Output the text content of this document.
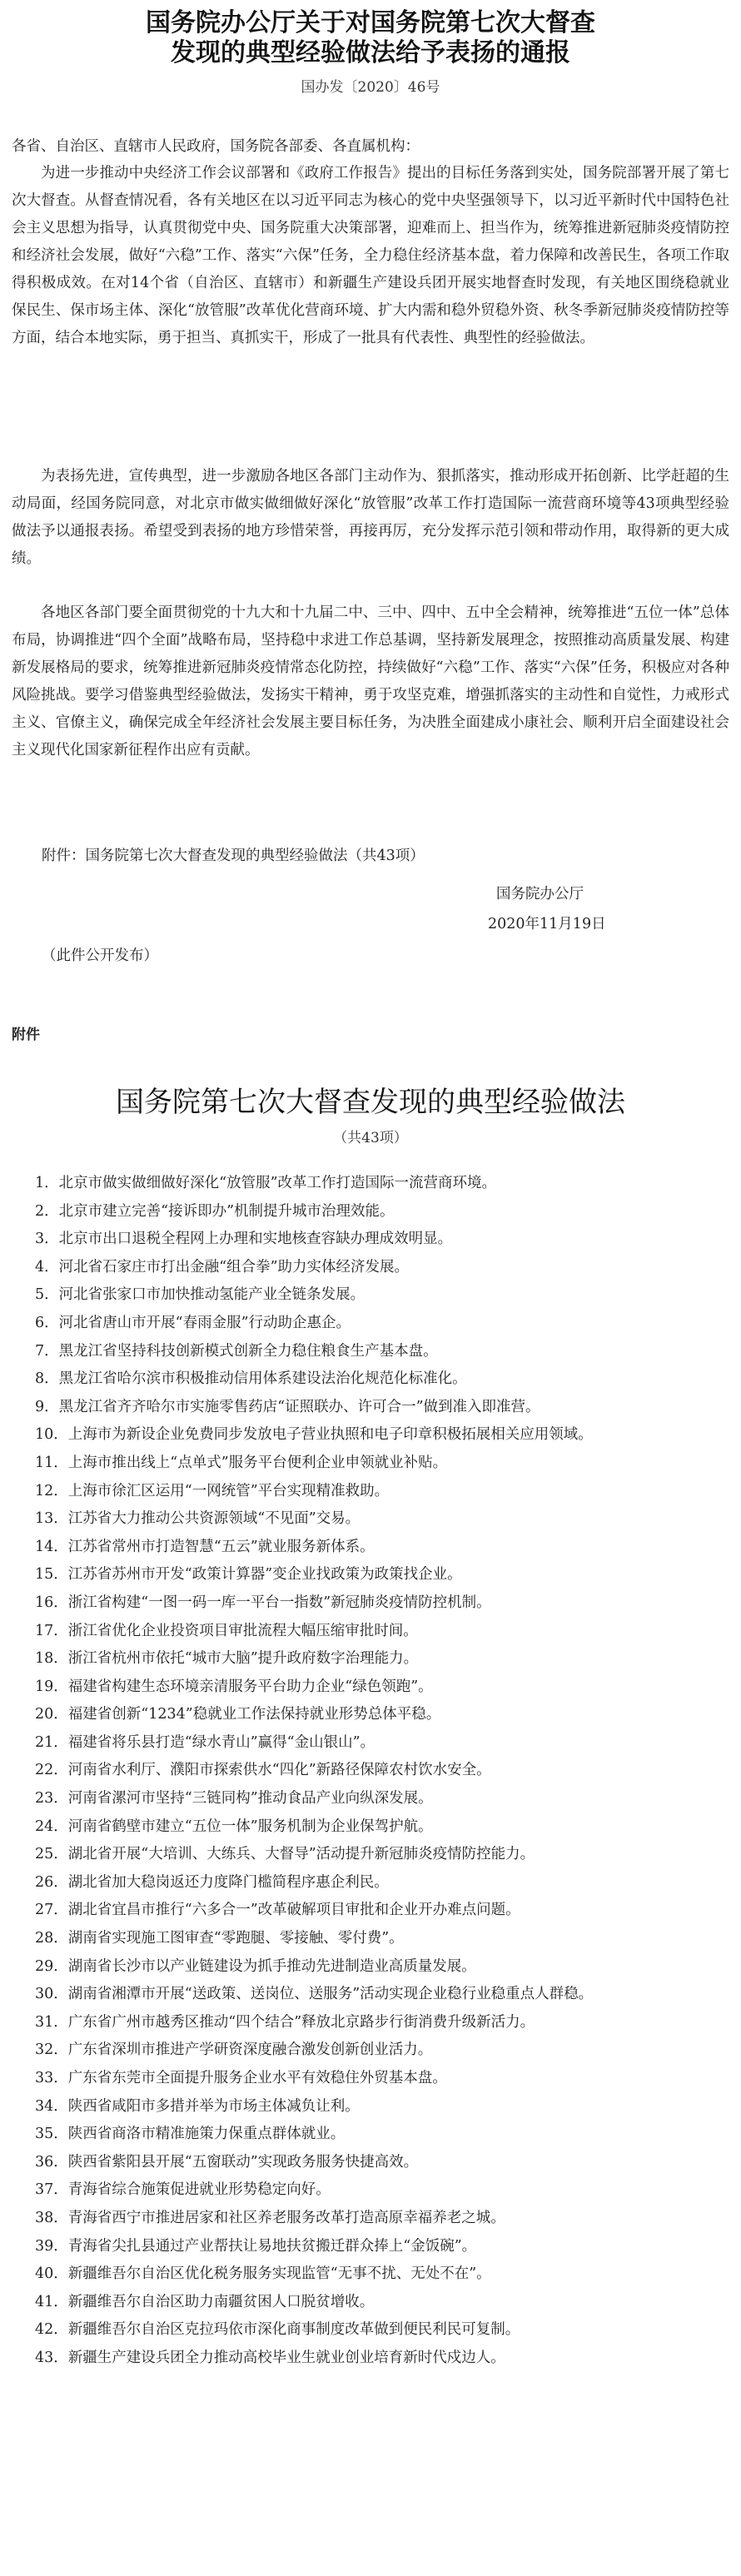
国务院办公厅关于对国务院第七次大督查
发现的典型经验做法给予表扬的通报
国办发〔2020〕46号
各省、自治区、直辖市人民政府，国务院各部委、各直属机构：

为进一步推动中央经济工作会议部署和《政府工作报告》提出的目标任务落到实处，国务院部署开展了第七次大督查。从督查情况看，各有关地区在以习近平同志为核心的党中央坚强领导下，以习近平新时代中国特色社会主义思想为指导，认真贯彻党中央、国务院重大决策部署，迎难而上、担当作为，统筹推进新冠肺炎疫情防控和经济社会发展，做好“六稳”工作、落实“六保”任务，全力稳住经济基本盘，着力保障和改善民生，各项工作取得积极成效。在对14个省（自治区、直辖市）和新疆生产建设兵团开展实地督查时发现，有关地区围绕稳就业保民生、保市场主体、深化“放管服”改革优化营商环境、扩大内需和稳外贸稳外资、秋冬季新冠肺炎疫情防控等方面，结合本地实际，勇于担当、真抓实干，形成了一批具有代表性、典型性的经验做法。

为表扬先进，宣传典型，进一步激励各地区各部门主动作为、狠抓落实，推动形成开拓创新、比学赶超的生动局面，经国务院同意，对北京市做实做细做好深化“放管服”改革工作打造国际一流营商环境等43项典型经验做法予以通报表扬。希望受到表扬的地方珍惜荣誉，再接再厉，充分发挥示范引领和带动作用，取得新的更大成绩。

各地区各部门要全面贯彻党的十九大和十九届二中、三中、四中、五中全会精神，统筹推进“五位一体”总体布局，协调推进“四个全面”战略布局，坚持稳中求进工作总基调，坚持新发展理念，按照推动高质量发展、构建新发展格局的要求，统筹推进新冠肺炎疫情常态化防控，持续做好“六稳”工作、落实“六保”任务，积极应对各种风险挑战。要学习借鉴典型经验做法，发扬实干精神，勇于攻坚克难，增强抓落实的主动性和自觉性，力戒形式主义、官僚主义，确保完成全年经济社会发展主要目标任务，为决胜全面建成小康社会、顺利开启全面建设社会主义现代化国家新征程作出应有贡献。

附件：国务院第七次大督查发现的典型经验做法（共43项）
国务院办公厅
2020年11月19日
（此件公开发布）
附件
国务院第七次大督查发现的典型经验做法
（共43项）
1．北京市做实做细做好深化“放管服”改革工作打造国际一流营商环境。
2．北京市建立完善“接诉即办”机制提升城市治理效能。
3．北京市出口退税全程网上办理和实地核查容缺办理成效明显。
4．河北省石家庄市打出金融“组合拳”助力实体经济发展。
5．河北省张家口市加快推动氢能产业全链条发展。
6．河北省唐山市开展“春雨金服”行动助企惠企。
7．黑龙江省坚持科技创新模式创新全力稳住粮食生产基本盘。
8．黑龙江省哈尔滨市积极推动信用体系建设法治化规范化标准化。
9．黑龙江省齐齐哈尔市实施零售药店“证照联办、许可合一”做到准入即准营。
10．上海市为新设企业免费同步发放电子营业执照和电子印章积极拓展相关应用领域。
11．上海市推出线上“点单式”服务平台便利企业申领就业补贴。
12．上海市徐汇区运用“一网统管”平台实现精准救助。
13．江苏省大力推动公共资源领域“不见面”交易。
14．江苏省常州市打造智慧“五云”就业服务新体系。
15．江苏省苏州市开发“政策计算器”变企业找政策为政策找企业。
16．浙江省构建“一图一码一库一平台一指数”新冠肺炎疫情防控机制。
17．浙江省优化企业投资项目审批流程大幅压缩审批时间。
18．浙江省杭州市依托“城市大脑”提升政府数字治理能力。
19．福建省构建生态环境亲清服务平台助力企业“绿色领跑”。
20．福建省创新“1234”稳就业工作法保持就业形势总体平稳。
21．福建省将乐县打造“绿水青山”赢得“金山银山”。
22．河南省水利厅、濮阳市探索供水“四化”新路径保障农村饮水安全。
23．河南省漯河市坚持“三链同构”推动食品产业向纵深发展。
24．河南省鹤壁市建立“五位一体”服务机制为企业保驾护航。
25．湖北省开展“大培训、大练兵、大督导”活动提升新冠肺炎疫情防控能力。
26．湖北省加大稳岗返还力度降门槛简程序惠企利民。
27．湖北省宜昌市推行“六多合一”改革破解项目审批和企业开办难点问题。
28．湖南省实现施工图审查“零跑腿、零接触、零付费”。
29．湖南省长沙市以产业链建设为抓手推动先进制造业高质量发展。
30．湖南省湘潭市开展“送政策、送岗位、送服务”活动实现企业稳行业稳重点人群稳。
31．广东省广州市越秀区推动“四个结合”释放北京路步行街消费升级新活力。
32．广东省深圳市推进产学研资深度融合激发创新创业活力。
33．广东省东莞市全面提升服务企业水平有效稳住外贸基本盘。
34．陕西省咸阳市多措并举为市场主体减负让利。
35．陕西省商洛市精准施策力保重点群体就业。
36．陕西省紫阳县开展“五窗联动”实现政务服务快捷高效。
37．青海省综合施策促进就业形势稳定向好。
38．青海省西宁市推进居家和社区养老服务改革打造高原幸福养老之城。
39．青海省尖扎县通过产业帮扶让易地扶贫搬迁群众捧上“金饭碗”。
40．新疆维吾尔自治区优化税务服务实现监管“无事不扰、无处不在”。
41．新疆维吾尔自治区助力南疆贫困人口脱贫增收。
42．新疆维吾尔自治区克拉玛依市深化商事制度改革做到便民利民可复制。
43．新疆生产建设兵团全力推动高校毕业生就业创业培育新时代戍边人。
